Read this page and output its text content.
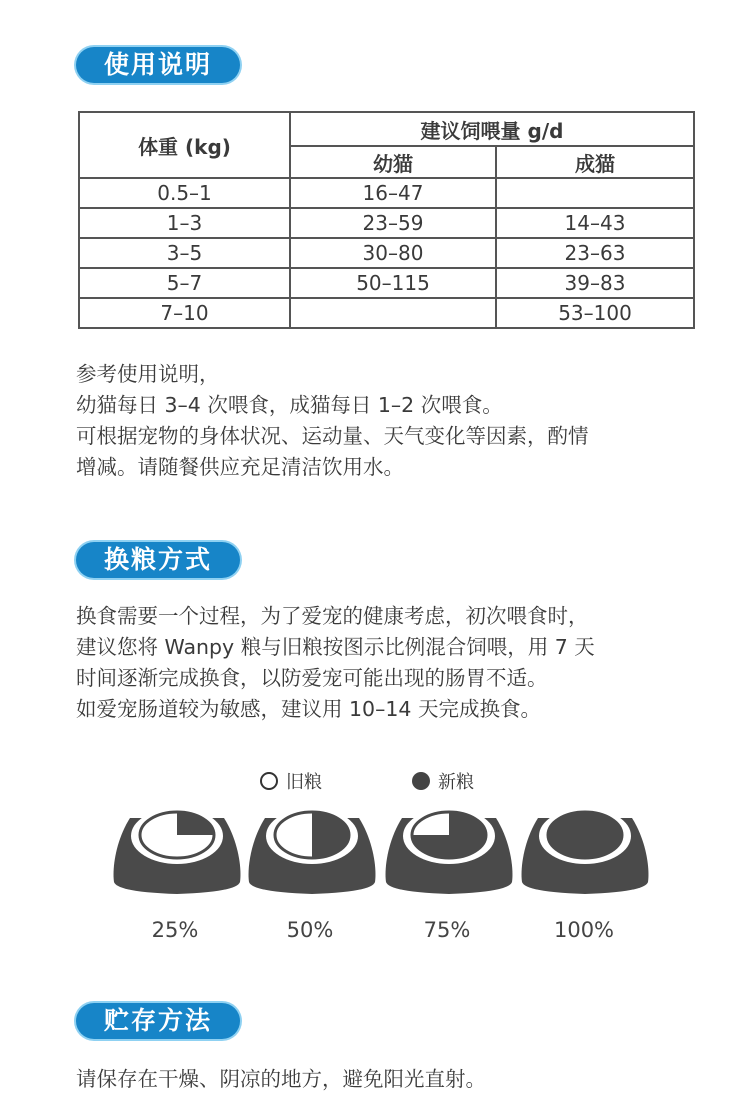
使用说明
体重 (kg)	建议饲喂量 g/d	
	幼猫	成猫
0.5–1	16–47	
1–3	23–59	14–43
3–5	30–80	23–63
5–7	50–115	39–83
7–10		53–100

参考使用说明，

幼猫每日 3–4 次喂食，成猫每日 1–2 次喂食。

可根据宠物的身体状况、运动量、天气变化等因素，酌情

增减。请随餐供应充足清洁饮用水。

换粮方式

换食需要一个过程，为了爱宠的健康考虑，初次喂食时，

建议您将 Wanpy 粮与旧粮按图示比例混合饲喂，用 7 天

时间逐渐完成换食，以防爱宠可能出现的肠胃不适。

如爱宠肠道较为敏感，建议用 10–14 天完成换食。

旧粮	新粮
25%	50%	75%	100%
贮存方法

请保存在干燥、阴凉的地方，避免阳光直射。
